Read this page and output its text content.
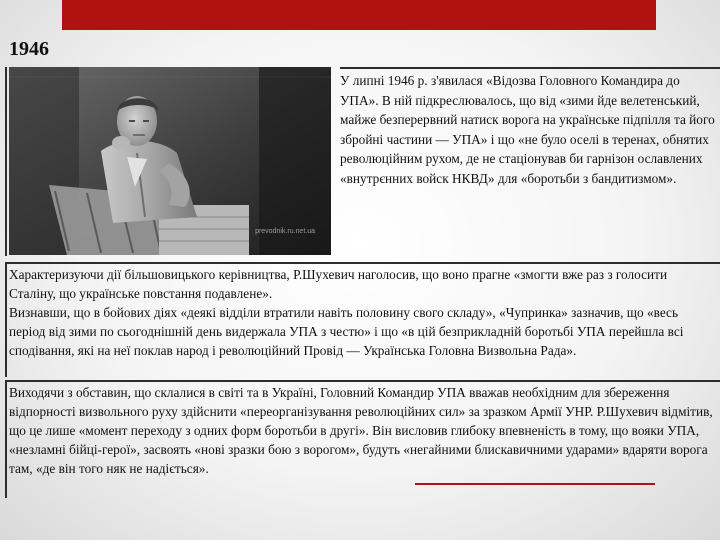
1946
prevodnik.ru.net.ua

У липні 1946 р. з'явилася «Відозва Головного Командира до УПА». В ній підкреслювалось, що від «зими йде велетенський, майже безперервний натиск ворога на українське підпілля та його збройні частини — УПА» і що «не було оселі в теренах, обнятих революційним рухом, де не стаціонував би гарнізон ославлених «внутрєнних войск НКВД» для «боротьби з бандитизмом».

Характеризуючи дії більшовицького керівництва, Р.Шухевич наголосив, що воно прагне «змогти вже раз з голосити Сталіну, що українське повстання подавлене».

Визнавши, що в бойових діях «деякі відділи втратили навіть половину свого складу», «Чупринка» зазначив, що «весь період від зими по сьогоднішній день видержала УПА з честю» і що «в цій безприкладній боротьбі УПА перейшла всі сподівання, які на неї поклав народ і революційний Провід — Українська Головна Визвольна Рада».

Виходячи з обставин, що склалися в світі та в Україні, Головний Командир УПА вважав необхідним для збереження відпорності визвольного руху здійснити «переорганізування революційних сил» за зразком Армії УНР. Р.Шухевич відмітив, що це лише «момент переходу з одних форм боротьби в другі». Він висловив глибоку впевненість в тому, що вояки УПА, «незламні бійці-герої», засвоять «нові зразки бою з ворогом», будуть «негайними блискавичними ударами» вдаряти ворога там, «де він того няк не надіється».
